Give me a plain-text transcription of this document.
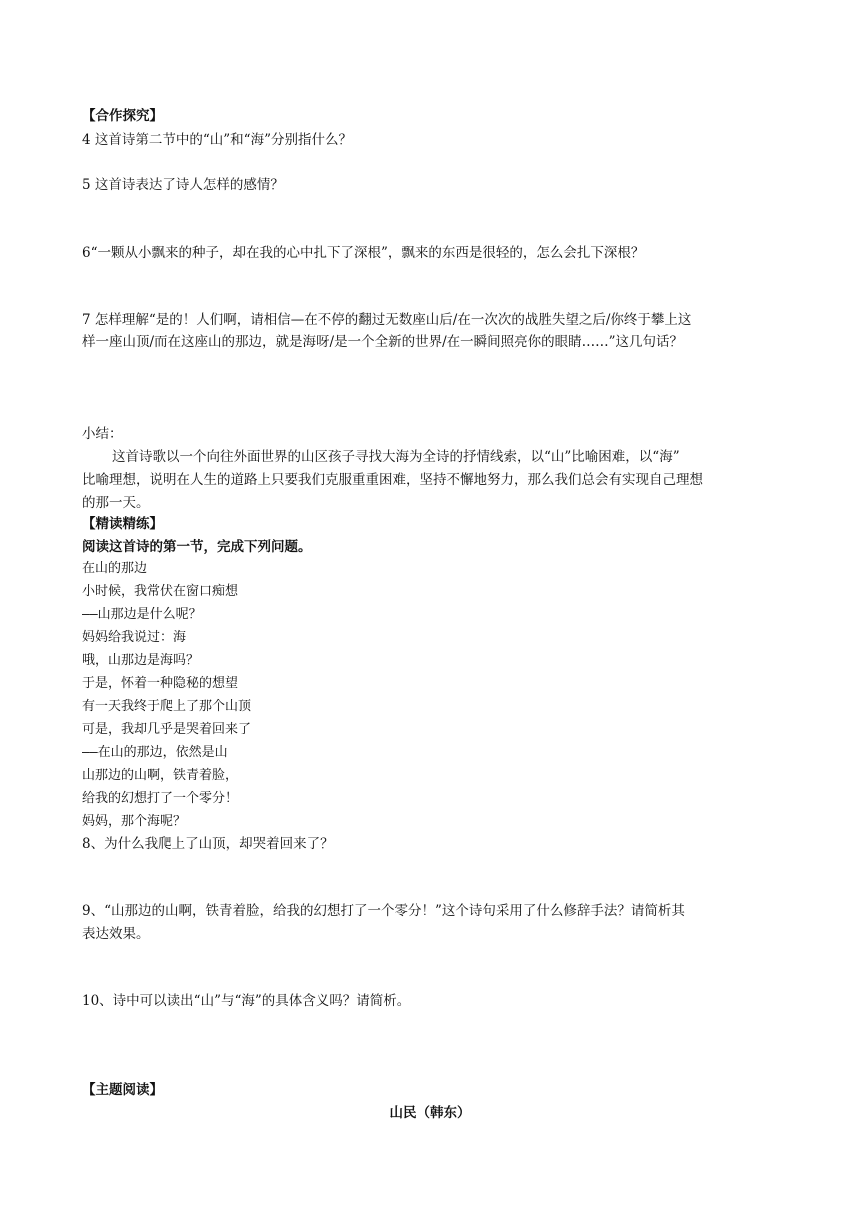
【合作探究】
4 这首诗第二节中的“山”和“海”分别指什么？
5 这首诗表达了诗人怎样的感情？
6“一颗从小飘来的种子，却在我的心中扎下了深根”，飘来的东西是很轻的，怎么会扎下深根？
7 怎样理解“是的！人们啊，请相信—在不停的翻过无数座山后/在一次次的战胜失望之后/你终于攀上这
样一座山顶/而在这座山的那边，就是海呀/是一个全新的世界/在一瞬间照亮你的眼睛……”这几句话？
小结：
这首诗歌以一个向往外面世界的山区孩子寻找大海为全诗的抒情线索，以“山”比喻困难，以“海”
比喻理想，说明在人生的道路上只要我们克服重重困难，坚持不懈地努力，那么我们总会有实现自己理想
的那一天。
【精读精练】
阅读这首诗的第一节，完成下列问题。
在山的那边
小时候，我常伏在窗口痴想
——山那边是什么呢？
妈妈给我说过：海
哦，山那边是海吗？
于是，怀着一种隐秘的想望
有一天我终于爬上了那个山顶
可是，我却几乎是哭着回来了
——在山的那边，依然是山
山那边的山啊，铁青着脸，
给我的幻想打了一个零分！
妈妈，那个海呢？
8、为什么我爬上了山顶，却哭着回来了？
9、“山那边的山啊，铁青着脸，给我的幻想打了一个零分！”这个诗句采用了什么修辞手法？请简析其
表达效果。
10、诗中可以读出“山”与“海”的具体含义吗？请简析。
【主题阅读】
山民（韩东）
